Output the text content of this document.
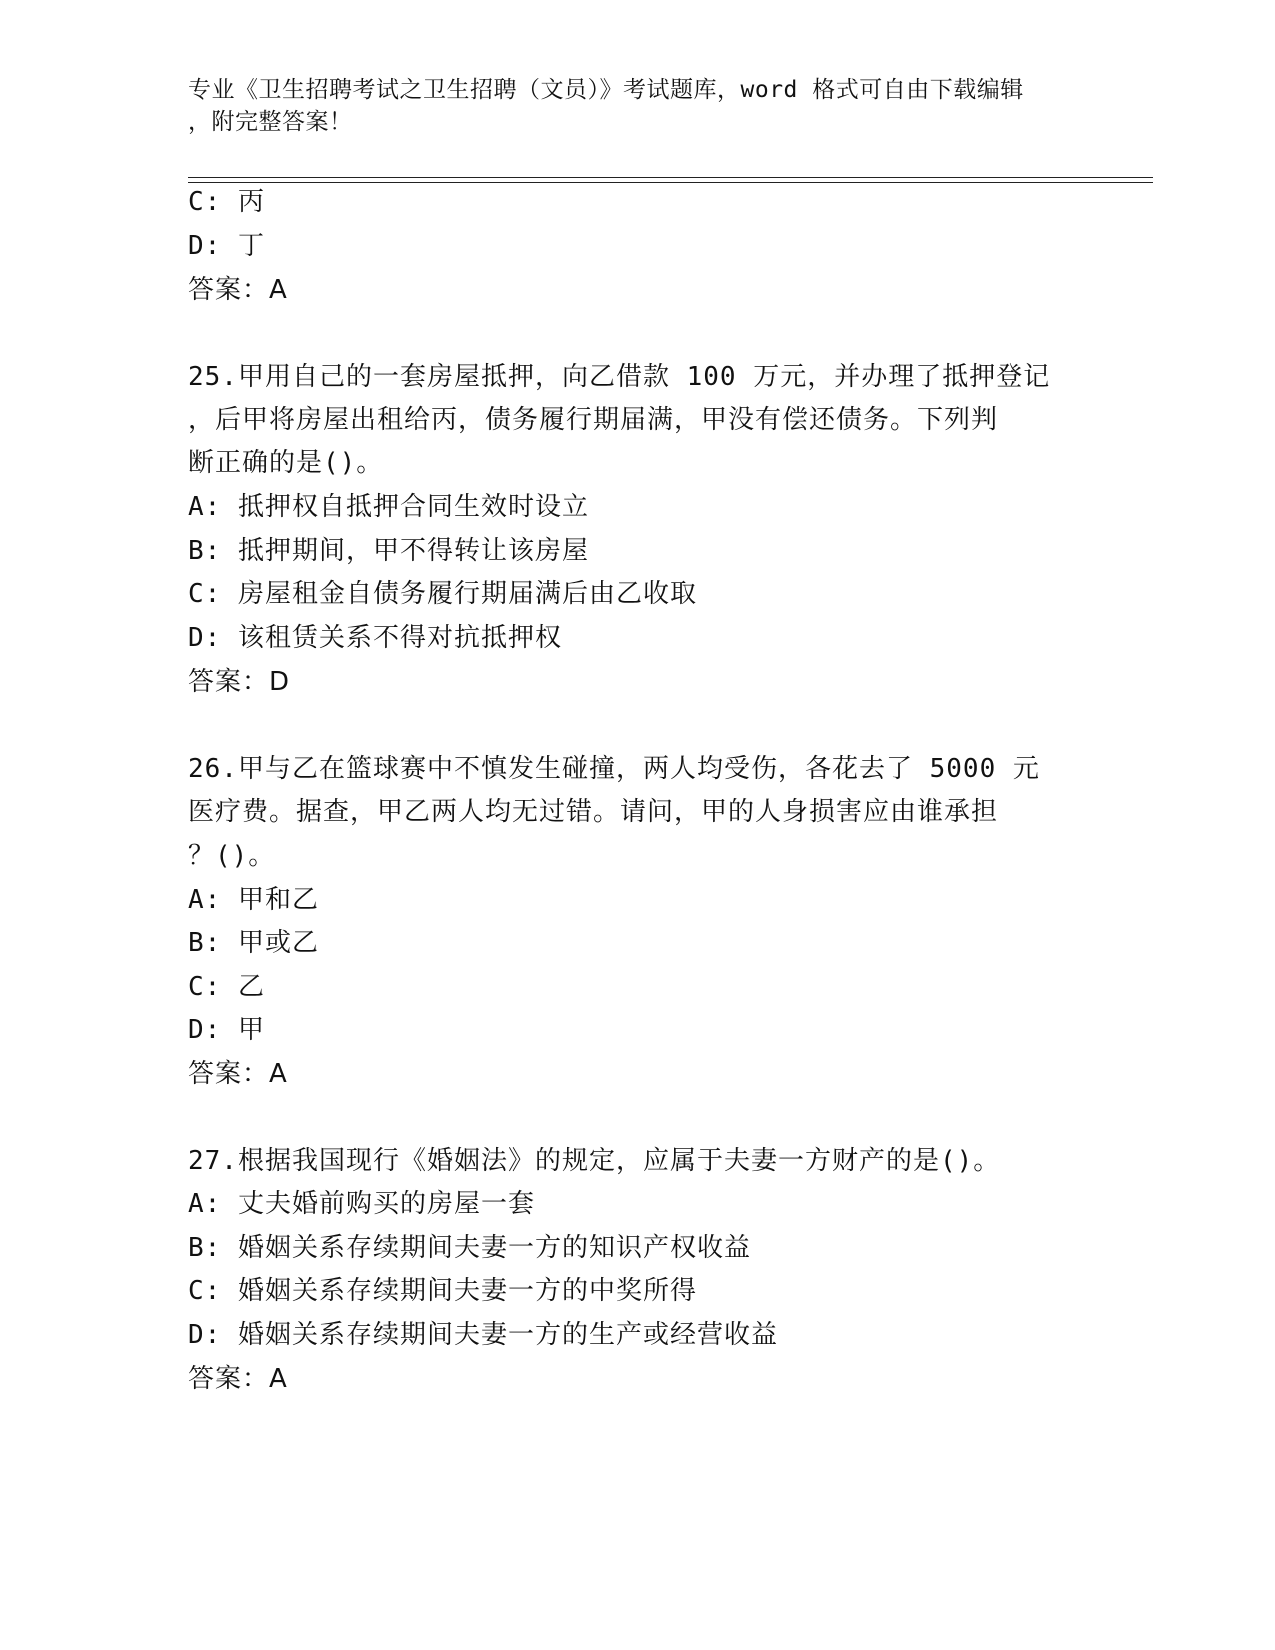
专业《卫生招聘考试之卫生招聘（文员）》考试题库，word 格式可自由下载编辑
，附完整答案！
C: 丙
D: 丁
答案：A
25.甲用自己的一套房屋抵押，向乙借款 100 万元，并办理了抵押登记
，后甲将房屋出租给丙，债务履行期届满，甲没有偿还债务。下列判
断正确的是()。
A: 抵押权自抵押合同生效时设立
B: 抵押期间，甲不得转让该房屋
C: 房屋租金自债务履行期届满后由乙收取
D: 该租赁关系不得对抗抵押权
答案：D
26.甲与乙在篮球赛中不慎发生碰撞，两人均受伤，各花去了 5000 元
医疗费。据查，甲乙两人均无过错。请问，甲的人身损害应由谁承担
？()。
A: 甲和乙
B: 甲或乙
C: 乙
D: 甲
答案：A
27.根据我国现行《婚姻法》的规定，应属于夫妻一方财产的是()。
A: 丈夫婚前购买的房屋一套
B: 婚姻关系存续期间夫妻一方的知识产权收益
C: 婚姻关系存续期间夫妻一方的中奖所得
D: 婚姻关系存续期间夫妻一方的生产或经营收益
答案：A
